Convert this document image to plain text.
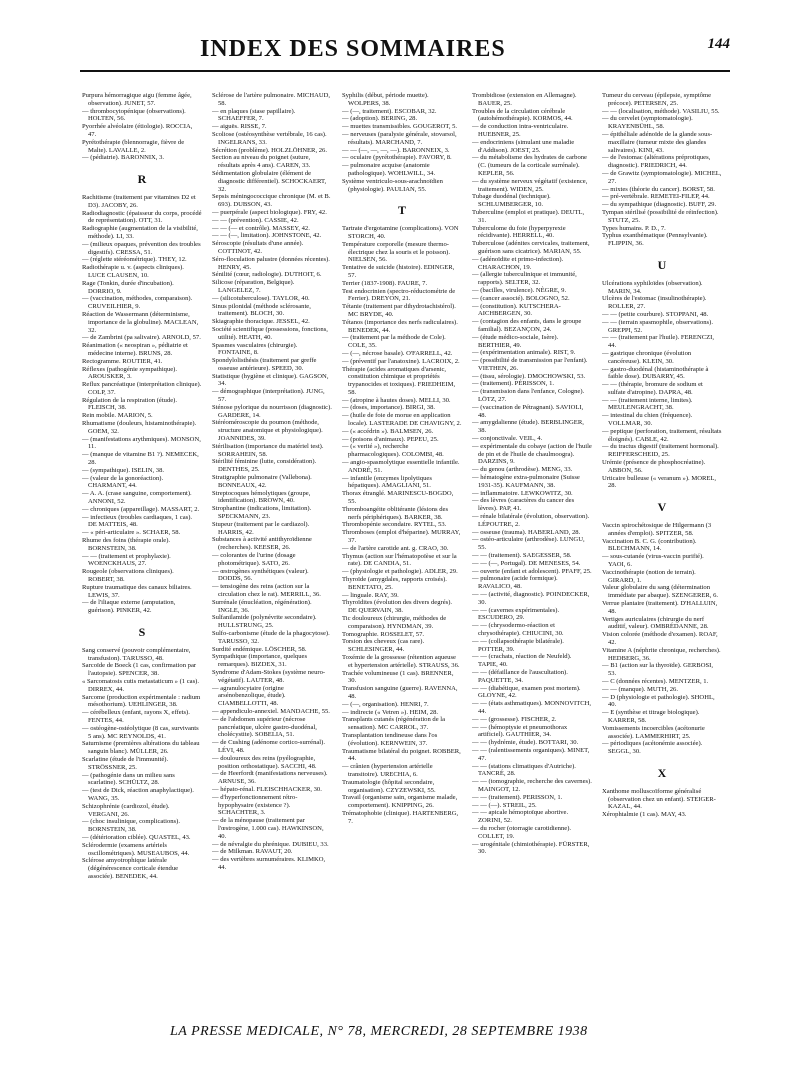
INDEX DES SOMMAIRES	144
Purpura hémorragique aigu (femme âgée, observation). JUNET, 57.
— thrombocytopénique (observations). HOLTEN, 56.
Pyorrhée alvéolaire (étiologie). ROCCIA, 47.
Pyrétothérapie (blennorragie, fièvre de Malte). LAVALLE, 2.
— (pédiatrie). BARONNIX, 3.
R
Rachitisme (traitement par vitamines D2 et D3). JACOBY, 26.
Radiodiagnostic (épaisseur du corps, procédé de représentation). OTT, 31.
Radiographie (augmentation de la visibilité, méthode). LI, 33.
— (milieux opaques, prévention des troubles digestifs). CRESSA, 51.
— (réglette stéréométrique). THEY, 12.
Radiothérapie u. v. (aspects cliniques). LUCE CLAUSEN, 10.
Rage (Tonkin, durée d'incubation). DORRIO, 9.
— (vaccination, méthodes, comparaison). CRUVEILHIER, 9.
Réaction de Wassermann (déterminisme, importance de la globuline). MACLEAN, 32.
— de Zambrini (pa salivaire). ARNOLD, 57.
Réanimation (« neospiran », pédiatrie et médecine interne). BRUNS, 28.
Rectogramme. ROUTIER, 41.
Réflexes (pathogénie sympathique). AROUSKER, 3.
Reflux pancréatique (interprétation clinique). COLP, 37.
Régulation de la respiration (étude). FLEISCH, 38.
Rein mobile. MARION, 5.
Rhumatisme (douleurs, histaminothérapie). GOEM, 32.
— (manifestations arythmiques). MONSON, 11.
— (manque de vitamine B1 ?). NEMECEK, 28.
— (sympathique). ISELIN, 38.
— (valeur de la gonoréaction). CHARMANT, 44.
— A. A. (crase sanguine, comportement). ANNONI, 52.
— chroniques (appareillage). MASSART, 2.
— infectieux (troubles cardiaques, 1 cas). DE MATTEIS, 48.
— « péri-articulaire ». SCHAER, 58.
Rhume des foins (thérapie orale). BORNSTEIN, 38.
— — (traitement et prophylaxie). WOENCKHAUS, 27.
Rougeole (observations cliniques). ROBERT, 38.
Rupture traumatique des canaux biliaires. LEWIS, 37.
— de l'iliaque externe (amputation, guérison). PINKER, 42.
S
Sang conservé (pouvoir complémentaire, transfusion). TARUSSO, 48.
Sarcoïde de Boeck (1 cas, confirmation par l'autopsie). SPENCER, 38.
« Sarcomatosis cutis metastaticum » (1 cas). DIRREX, 44.
Sarcome (production expérimentale : radium mésothorium). UEHLINGER, 38.
— cérébelleux (enfant, rayons X, effets). FENTES, 44.
— ostéogène-ostéolytique (8 cas, survivants 5 ans). MC REYNOLDS, 41.
Saturnisme (premières altérations du tableau sanguin blanc). MÜLLER, 26.
Scarlatine (étude de l'immunité). STRÖSSNER, 25.
— (pathogénie dans un milieu sans scarlatine). SCHÜLTZ, 28.
— (test de Dick, réaction anaphylactique). WANG, 35.
Schizophrénie (cardiozol, étude). VERGANI, 26.
— (choc insulinique, complications). BORNSTEIN, 38.
— (détérioration ciblée). QUASTEL, 43.
Sclérodermie (examens artériels oscillométriques). MUSEAUBOS, 44.
Sclérose amyotrophique latérale (dégénérescence corticale étendue associée). BENEDEK, 44.
Sclérose de l'artère pulmonaire. MICHAUD, 58.
— en plaques (stase papillaire). SCHAEFFER, 7.
— aiguës. RISSE, 7.
Scoliose (ostéosynthèse vertébrale, 16 cas). INGELRANS, 33.
Sécrétion (problème). HOLZLÖHNER, 26.
Section au niveau du poignet (suture, résultats après 4 ans). CAREN, 33.
Sédimentation globulaire (élément de diagnostic différentiel). SCHOCKAERT, 32.
Sepsis méningococcique chronique (M. et B. 693). DUBSON, 43.
— puerpérale (aspect biologique). FRY, 42.
— — (prévention). CASSIE, 42.
— — (— et contrôle). MASSEY, 42.
— — (—, limitation). JOHNSTONE, 42.
Séroscopie (résultats d'une année). COTTINOT, 42.
Séro-floculation palustre (données récentes). HENRY, 45.
Sénilité (cœur, radiologie). DUTHOIT, 6.
Silicose (réparation, Belgique). LANGELEZ, 7.
— (silicotuberculose). TAYLOR, 40.
Sinus pilonidal (méthode sclérosante, traitement). BLOCH, 30.
Skiagraphie thoracique. JESSEL, 42.
Société scientifique (possessions, fonctions, utilité). HEATH, 40.
Spasmes vasculaires (chirurgie). FONTAINE, 8.
Spondylolisthésis (traitement par greffe osseuse antérieure). SPEED, 30.
Statistique (hygiène et clinique). GAGSON, 34.
— démographique (interprétation). JUNG, 57.
Sténose pylorique du nourrisson (diagnostic). GARDERE, 14.
Stéréoméroscopie du poumon (méthode, structure anatomique et physiologique). JOANNIDES, 39.
Stérilisation (importance du matériel test). SORRAHEIN, 58.
Stérilité féminine (lutte, considération). DENTHES, 25.
Stratigraphie pulmonaire (Vallebona). BONNEAUX, 42.
Streptocoques hémolytiques (groupe, identification). BROWN, 40.
Strophantine (indications, limitation). SPECKMANN, 23.
Stupeur (traitement par le cardiazol). HARRIS, 42.
Substances à activité antithyroïdienne (recherches). KEESER, 26.
— colorantes de l'urine (dosage photométrique). SATO, 26.
— œstrogènes synthétiques (valeur). DODDS, 56.
— tensiogène des reins (action sur la circulation chez le rat). MERRILL, 36.
Surrénale (énucléation, régénération). INGLE, 36.
Sulfanilamide (polynévrite secondaire). HULLSTRUNG, 25.
Sulfo-carbonisme (étude de la phagocytose). TARUSSO, 32.
Surdité endémique. LÖSCHER, 58.
Sympathique (importance, quelques remarques). BIZDEX, 31.
Syndrome d'Adam-Stokes (système neuro-végétatif). LAUTER, 48.
— agranulocytaire (origine arsénobenzolique, étude). CIAMBELLOTTI, 48.
— appendiculo-annexiel. MANDACHE, 55.
— de l'abdomen supérieur (nécrose pancréatique, ulcère gastro-duodénal, cholécystite). SOBELIA, 51.
— de Cushing (adénome cortico-surrénal). LÉVI, 48.
— douloureux des reins (pyélographie, position orthostatique). SACCHI, 48.
— de Heerfordt (manifestations nerveuses). ARNUSE, 36.
— hépato-rénal. FLEISCHHACKER, 30.
— d'hyperfonctionnement rétro-hypophysaire (existence ?). SCHACHTER, 3.
— de la ménopause (traitement par l'œstrogène, 1.000 cas). HAWKINSON, 40.
— de névralgie du phrénique. DUBIEU, 33.
— de Milkman. RAVAUT, 20.
— des vertèbres surnuméraires. KLIMKO, 44.
Syphilis (début, période muette). WOLPERS, 38.
— (—, traitement). ESCOBAR, 32.
— (adoption). BERING, 28.
— muettes transmissibles. GOUGEROT, 5.
— nerveuses (paralysie générale, stovarsol, résultats). MARCHAND, 7.
— — (—, —, —, —). BARONNEIX, 3.
— oculaire (pyrétothérapie). FAVORY, 8.
— pulmonaire acquise (anatomie pathologique). WOHLWILL, 34.
Système ventriculo-sous-arachnoïdien (physiologie). PAULIAN, 55.
T
Tartrate d'ergotamine (complications). VON STORCH, 40.
Température corporelle (mesure thermo-électrique chez la souris et le poisson). NIELSEN, 56.
Tentative de suicide (histoire). EDINGER, 57.
Terrier (1837-1908). FAURE, 7.
Test endocrinien (spectro-réductométrie de Ferrier). DREYON, 21.
Tétanie (traitement par dihydrotachistérol). MC BRYDE, 40.
Tétanos (importance des nerfs radiculaires). BENEDEK, 44.
— (traitement par la méthode de Cole). COLE, 35.
— (—, nécrose basale). O'FARRELL, 42.
— (préventif par l'anatoxine). LACROIX, 2.
Thérapie (acides aromatiques d'arsenic, constitution chimique et propriétés trypanocides et toxiques). FRIEDHEIM, 58.
— (atropine à hautes doses). MELLI, 30.
— (doses, importance). BIRGI, 38.
— (huile de foie de morue en application locale). LASTERADE DE CHAVIGNY, 2.
— (« accédrin »). BALMSEN, 26.
— (poisons d'animaux). PEPEU, 25.
— (« verité »), recherche pharmacologiques). COLOMBI, 48.
— angio-spasmolytique essentielle infantile. ANDRÉ, 51.
— infantile (enzymes lipolytiques hépatiques). AMAGLIANI, 51.
Thorax étranglé. MARINESCU-BOGDO, 55.
Thromboangéite oblitérante (lésions des nerfs périphériques). BARKER, 38.
Thrombopénie secondaire. RYTEL, 53.
Thromboses (emploi d'héparine). MURRAY, 37.
— de l'artère carotide ant. g. CRAO, 30.
Thymus (action sur l'hématopoïèse et sur la rate). DE CANDIA, 51.
— (physiologie et pathologie). ADLER, 29.
Thyroïde (amygdales, rapports croisés). BENETATO, 25.
— linguale. RAY, 39.
Thyroïdites (évolution des divers degrés). DE QUERVAIN, 38.
Tic douloureux (chirurgie, méthodes de comparaison). HYNDMAN, 39.
Tomographie. ROSSELET, 57.
Torsion des cheveux (cas rare). SCHLESINGER, 44.
Toxémie de la grossesse (rétention aqueuse et hypertension artérielle). STRAUSS, 36.
Trachée volumineuse (1 cas). BRENNER, 30.
Transfusion sanguine (guerre). RAVENNA, 48.
— (—, organisation). HENRI, 7.
— indirecte (« Vetren »). HEIM, 28.
Transplants cutanés (régénération de la sensation). MC CARROL, 37.
Transplantation tendineuse dans l'os (évolution). KERNWEIN, 37.
Traumatisme bilatéral du poignet. ROBBER, 44.
— crânien (hypertension artérielle transitoire). URECHIA, 6.
Traumatologie (hôpital secondaire, organisation). CZYZEWSKI, 55.
Travail (organisme sain, organisme malade, comportement). KNIPPING, 26.
Trématophobie (clinique). HARTENBERG, 7.
Trombidiose (extension en Allemagne). BAUER, 25.
Troubles de la circulation cérébrale (autohémothérapie). KORMOS, 44.
— de conduction intra-ventriculaire. HUEBNER, 25.
— endocriniens (simulant une maladie d'Addison). JOEST, 25.
— du métabolisme des hydrates de carbone (C. (tumeurs de la corticale surrénale). KEPLER, 56.
— du système nerveux végétatif (existence, traitement). WIDEN, 25.
Tubage duodénal (technique). SCHLUMBERGER, 10.
Tuberculine (emploi et pratique). DEUTL, 31.
Tuberculome du foie (hyperpyrexie récidivante). HERRELL, 40.
Tuberculose (adénites cervicales, traitement, guérison sans cicatrice). MARIAN, 55.
— (adénoïdite et primo-infection). CHARACHON, 19.
— (allergie tuberculinique et immunité, rapports). SELTER, 32.
— (bacilles, virulence). NÈGRE, 9.
— (cancer associé). BOLOGNO, 52.
— (constitution). KUTSCHERA-AICHBERGEN, 30.
— (contagion des enfants, dans le groupe familial). BEZANÇON, 24.
— (étude médico-sociale, Isère). BERTHIER, 49.
— (expérimentation animale). RIST, 9.
— (possibilité de transmission par l'enfant). VIETHEN, 26.
— (tissu, sérologie). DMOCHOWSKI, 53.
— (traitement). PÉRISSON, 1.
— (transmission dans l'enfance, Cologne). LÖTZ, 27.
— (vaccination de Pétragnani). SAVIOLI, 48.
— amygdalienne (étude). BERBLINGER, 38.
— conjonctivale. VEIL, 4.
— expérimentale du cobaye (action de l'huile de pin et de l'huile de chaulmoogra). DARZINS, 9.
— du genou (arthrodèse). MENG, 33.
— hématogène extra-pulmonaire (Suisse 1931-35). KAUFMANN, 38.
— inflammatoire. LEWKOWITZ, 30.
— des lèvres (caractères du cancer des lèvres). PAP, 41.
— rénale bilatérale (évolution, observation). LÉPOUTRE, 2.
— osseuse (trauma). HABERLAND, 28.
— ostéo-articulaire (arthrodèse). LUNGU, 55.
— — (traitement). SAEGESSER, 58.
— — (—, Portugal). DE MENESES, 54.
— ouverte (enfant et adolescent). PFAFF, 25.
— pulmonaire (acide formique). RAVALICO, 48.
— — (activité, diagnostic). POINDECKER, 30.
— — (cavernes expérimentales). ESCUDERO, 29.
— — (chrysodermo-réaction et chrysothérapie). CHIUCINI, 30.
— — (collapsothérapie bilatérale). POTTER, 39.
— — (crachats, réaction de Neufeld). TAPIE, 40.
— — (défaillance de l'auscultation). PAQUETTE, 34.
— — (diabétique, examen post mortem). GLOYNE, 42.
— — (états asthmatiques). MONNOVITCH, 44.
— — (grossesse). FISCHER, 2.
— — (hémoptysie et pneumothorax artificiel). GAUTHIER, 34.
— — (hydrémie, étude). BOTTARI, 30.
— — (ralentissements organiques). MINET, 47.
— — (stations climatiques d'Autriche). TANCRÉ, 28.
— — (tomographie, recherche des cavernes). MAINGOT, 12.
— — (traitement). PERISSON, 1.
— — (—). STREIL, 25.
— — apicale hémoptoïque abortive. ZORINI, 52.
— du rocher (otorragie carotidienne). COLLET, 19.
— urogénitale (chimiothérapie). FÜRSTER, 30.
Tumeur du cerveau (épilepsie, symptôme précoce). PETERSEN, 25.
— — (localisation, méthode). VASILIU, 55.
— du cervelet (symptomatologie). KRAYENBÜHL, 58.
— épithéliale adénoïde de la glande sous-maxillaire (tumeur mixte des glandes salivaires). KINI, 43.
— de l'estomac (altérations préprotiques, diagnostic). FRIEDRICH, 44.
— de Grawitz (symptomatologie). MICHEL, 27.
— mixtes (théorie du cancer). BORST, 58.
— pré-vertébrale. REMETEI-FILEP, 44.
— du sympathique (diagnostic). BUFF, 29.
Tympan stérilisé (possibilité de réinfection). STUTZ, 25.
Types humains. P. D., 7.
Typhus exanthématique (Pennsylvanie). FLIPPIN, 36.
U
Ulcérations syphiloïdes (observation). MARIN, 34.
Ulcères de l'estomac (insulinothérapie). ROLLER, 27.
— — (petite courbure). STOPPANI, 48.
— — (terrain spasmophile, observations). GREPPI, 52.
— — (traitement par l'huile). FERENCZI, 44.
— gastrique chronique (évolution cancéreuse). KLEIN, 30.
— gastro-duodénal (histaminothérapie à faible dose). DUBARRY, 45.
— — (thérapie, bromure de sodium et sulfate d'atropine). DAPRA, 48.
— — (traitement interne, limites). MEULENGRACHT, 38.
— intestinal du chien (fréquence). VOLLMAR, 30.
— peptique (perforation, traitement, résultats éloignés). CABLE, 42.
— du tractus digestif (traitement hormonal). REIFFERSCHEID, 25.
Urémie (présence de phosphocréatine). ABBON, 56.
Urticaire bulleuse (« veranum »). MOREL, 28.
V
Vaccin spirochétosique de Hilgermann (3 années d'emploi). SPITZER, 58.
Vaccination B. C. G. (contribution). BLECHMANN, 14.
— sous-cutanée (virus-vaccin purifié). YAOI, 6.
Vaccinothérapie (notion de terrain). GIRARD, 1.
Valeur globulaire du sang (détermination immédiate par abaque). SZENGERER, 6.
Verrue plantaire (traitement). D'HALLUIN, 48.
Vertiges auriculaires (chirurgie du nerf auditif, valeur). OMBRÉDANNE, 28.
Vision colorée (méthode d'examen). ROAF, 42.
Vitamine A (néphrite chronique, recherches). HEDBERG, 36.
— B1 (action sur la thyroïde). GERBOSI, 53.
— C (données récentes). MENTZER, 1.
— — (manque). MUTH, 26.
— D (physiologie et pathologie). SHOHL, 40.
— E (synthèse et titrage biologique). KARRER, 58.
Vomissements incoercibles (acétonurie associée). LAMMERHIRT, 25.
— périodiques (acétonémie associée). SEGGL, 30.
X
Xanthome molluscoïforme généralisé (observation chez un enfant). STEIGER-KAZAL, 44.
Xérophtalmie (1 cas). MAY, 43.
LA PRESSE MEDICALE, N° 78, MERCREDI, 28 SEPTEMBRE 1938
